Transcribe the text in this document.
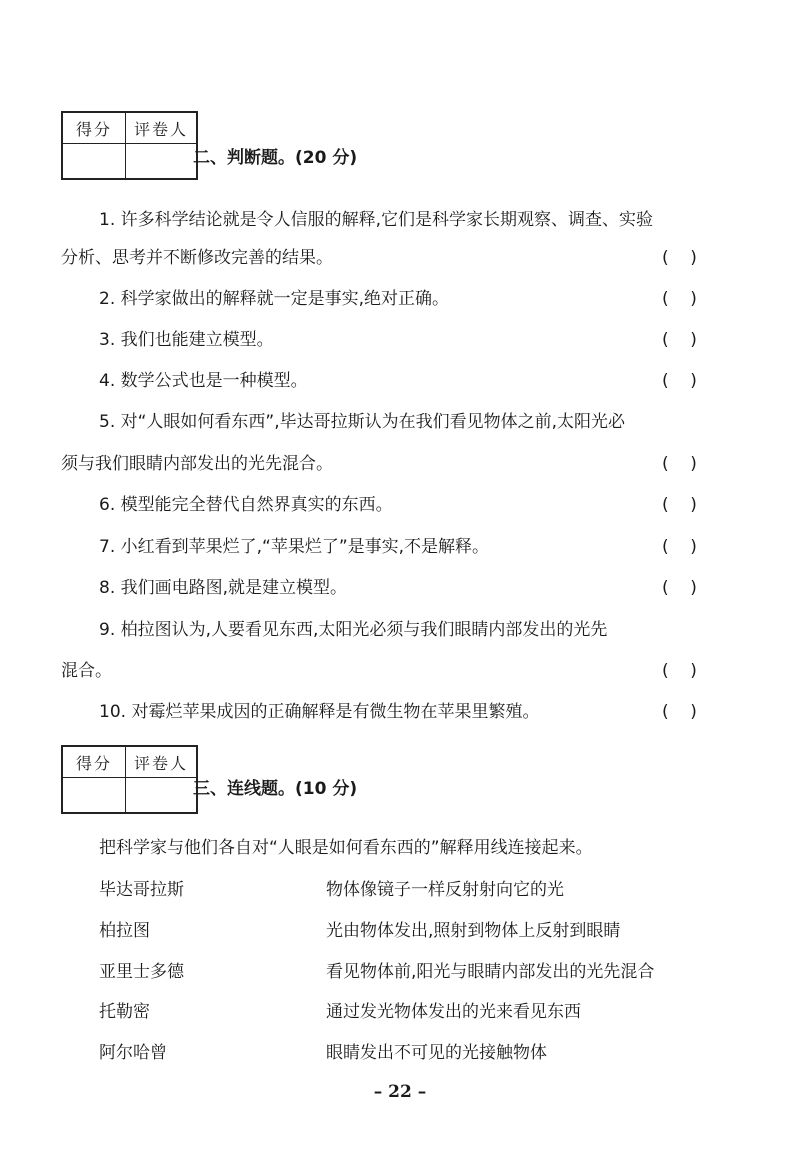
得分	评卷人

二、判断题。(20 分)
1. 许多科学结论就是令人信服的解释,它们是科学家长期观察、调查、实验
分析、思考并不断修改完善的结果。	(    )
2. 科学家做出的解释就一定是事实,绝对正确。	(    )
3. 我们也能建立模型。	(    )
4. 数学公式也是一种模型。	(    )
5. 对“人眼如何看东西”,毕达哥拉斯认为在我们看见物体之前,太阳光必
须与我们眼睛内部发出的光先混合。	(    )
6. 模型能完全替代自然界真实的东西。	(    )
7. 小红看到苹果烂了,“苹果烂了”是事实,不是解释。	(    )
8. 我们画电路图,就是建立模型。	(    )
9. 柏拉图认为,人要看见东西,太阳光必须与我们眼睛内部发出的光先
混合。	(    )
10. 对霉烂苹果成因的正确解释是有微生物在苹果里繁殖。	(    )
得分	评卷人

三、连线题。(10 分)
把科学家与他们各自对“人眼是如何看东西的”解释用线连接起来。
毕达哥拉斯	物体像镜子一样反射射向它的光
柏拉图	光由物体发出,照射到物体上反射到眼睛
亚里士多德	看见物体前,阳光与眼睛内部发出的光先混合
托勒密	通过发光物体发出的光来看见东西
阿尔哈曾	眼睛发出不可见的光接触物体
– 22 –
